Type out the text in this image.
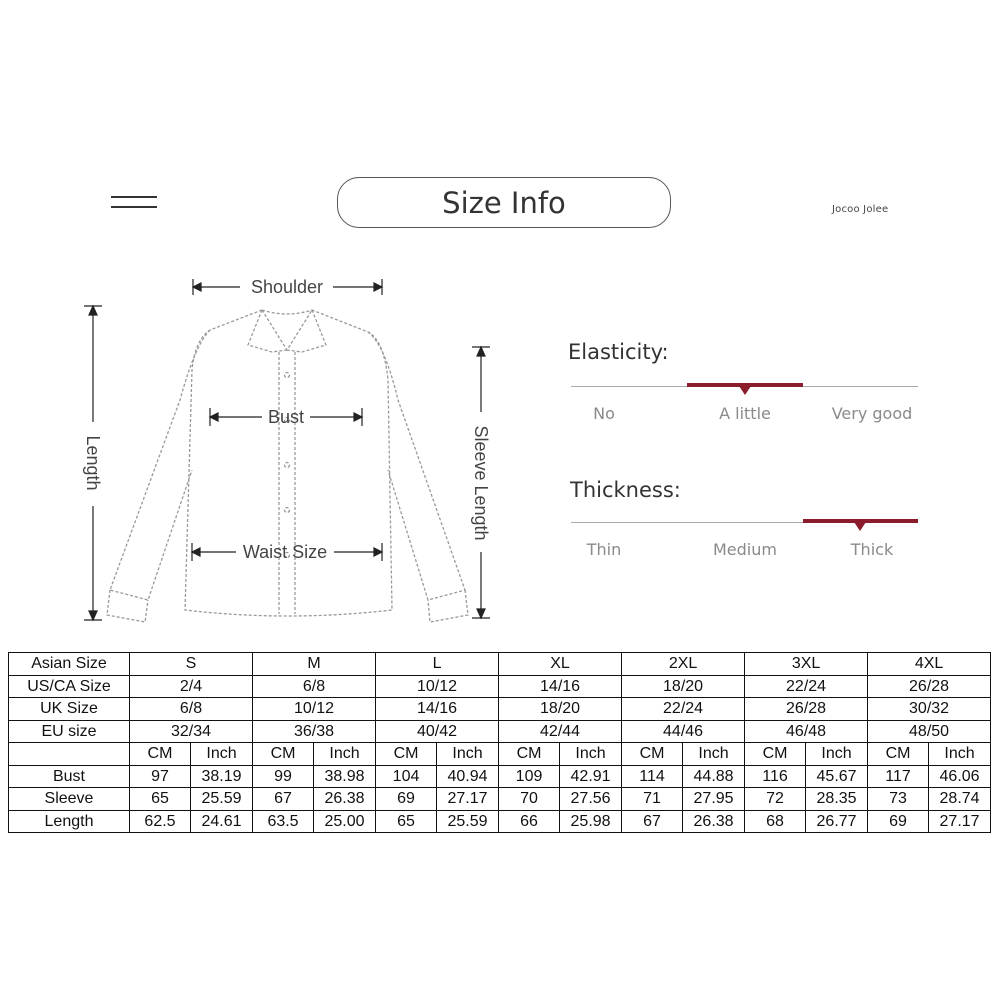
Size Info	Jocoo Jolee
Shoulder
Bust
Waist Size
Length	Sleeve Length
Elasticity:
No	A little	Very good
Thickness:
Thin	Medium	Thick
Asian Size	S		M		L		XL		2XL		3XL		4XL	
US/CA Size	2/4		6/8		10/12		14/16		18/20		22/24		26/28	
UK Size	6/8		10/12		14/16		18/20		22/24		26/28		30/32	
EU size	32/34		36/38		40/42		42/44		44/46		46/48		48/50	
	CM	Inch	CM	Inch	CM	Inch	CM	Inch	CM	Inch	CM	Inch	CM	Inch
Bust	97	38.19	99	38.98	104	40.94	109	42.91	114	44.88	116	45.67	117	46.06
Sleeve	65	25.59	67	26.38	69	27.17	70	27.56	71	27.95	72	28.35	73	28.74
Length	62.5	24.61	63.5	25.00	65	25.59	66	25.98	67	26.38	68	26.77	69	27.17
